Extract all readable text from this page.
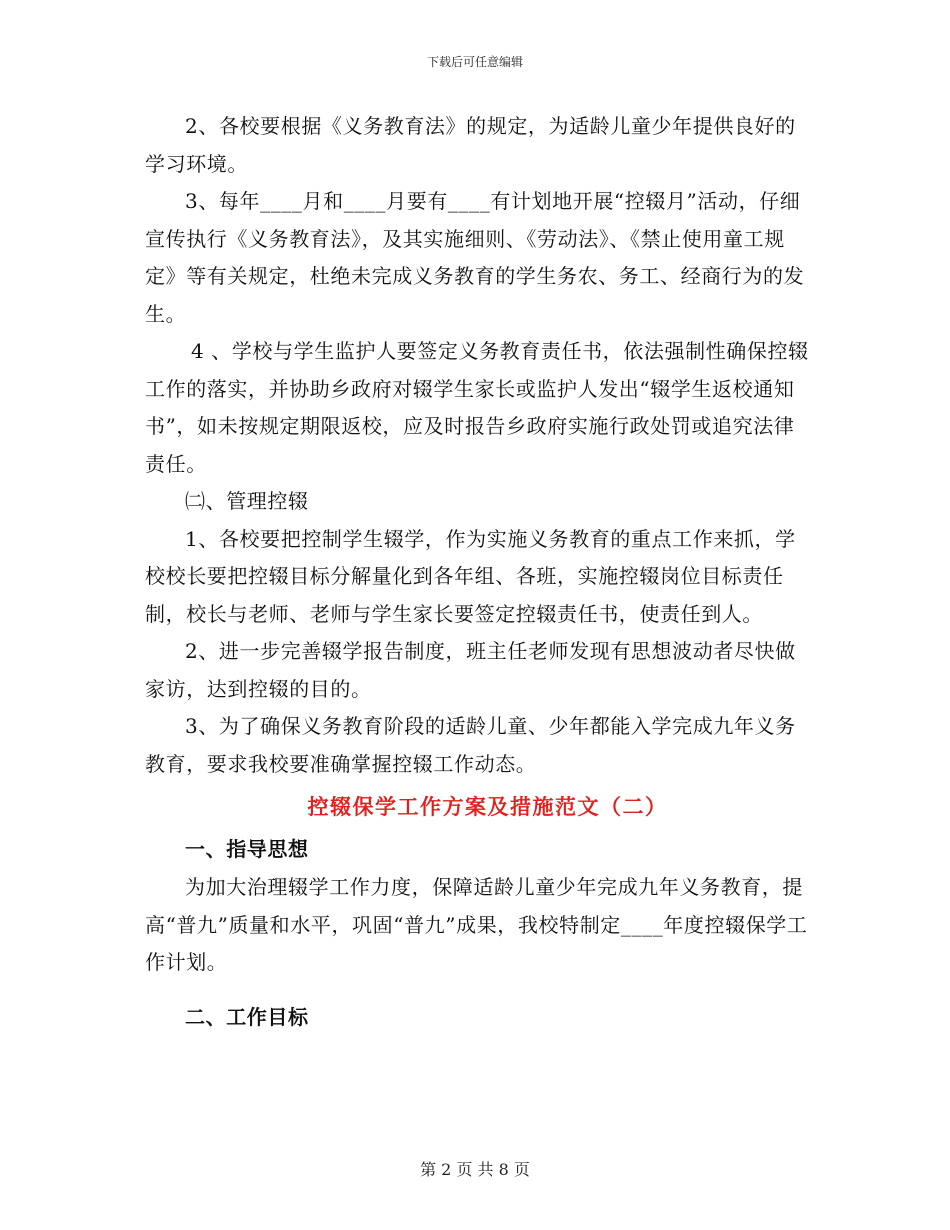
下载后可任意编辑

2、各校要根据《义务教育法》的规定，为适龄儿童少年提供良好的学习环境。

3、每年____月和____月要有____有计划地开展“控辍月”活动，仔细宣传执行《义务教育法》，及其实施细则、《劳动法》、《禁止使用童工规定》等有关规定，杜绝未完成义务教育的学生务农、务工、经商行为的发生。

4 、学校与学生监护人要签定义务教育责任书，依法强制性确保控辍工作的落实，并协助乡政府对辍学生家长或监护人发出“辍学生返校通知书”，如未按规定期限返校，应及时报告乡政府实施行政处罚或追究法律责任。

㈡、管理控辍

1、各校要把控制学生辍学，作为实施义务教育的重点工作来抓，学校校长要把控辍目标分解量化到各年组、各班，实施控辍岗位目标责任制，校长与老师、老师与学生家长要签定控辍责任书，使责任到人。

2、进一步完善辍学报告制度，班主任老师发现有思想波动者尽快做家访，达到控辍的目的。

3、为了确保义务教育阶段的适龄儿童、少年都能入学完成九年义务教育，要求我校要准确掌握控辍工作动态。

控辍保学工作方案及措施范文（二）

一、指导思想

为加大治理辍学工作力度，保障适龄儿童少年完成九年义务教育，提高“普九”质量和水平，巩固“普九”成果，我校特制定____年度控辍保学工作计划。

二、工作目标

第 2 页 共 8 页
